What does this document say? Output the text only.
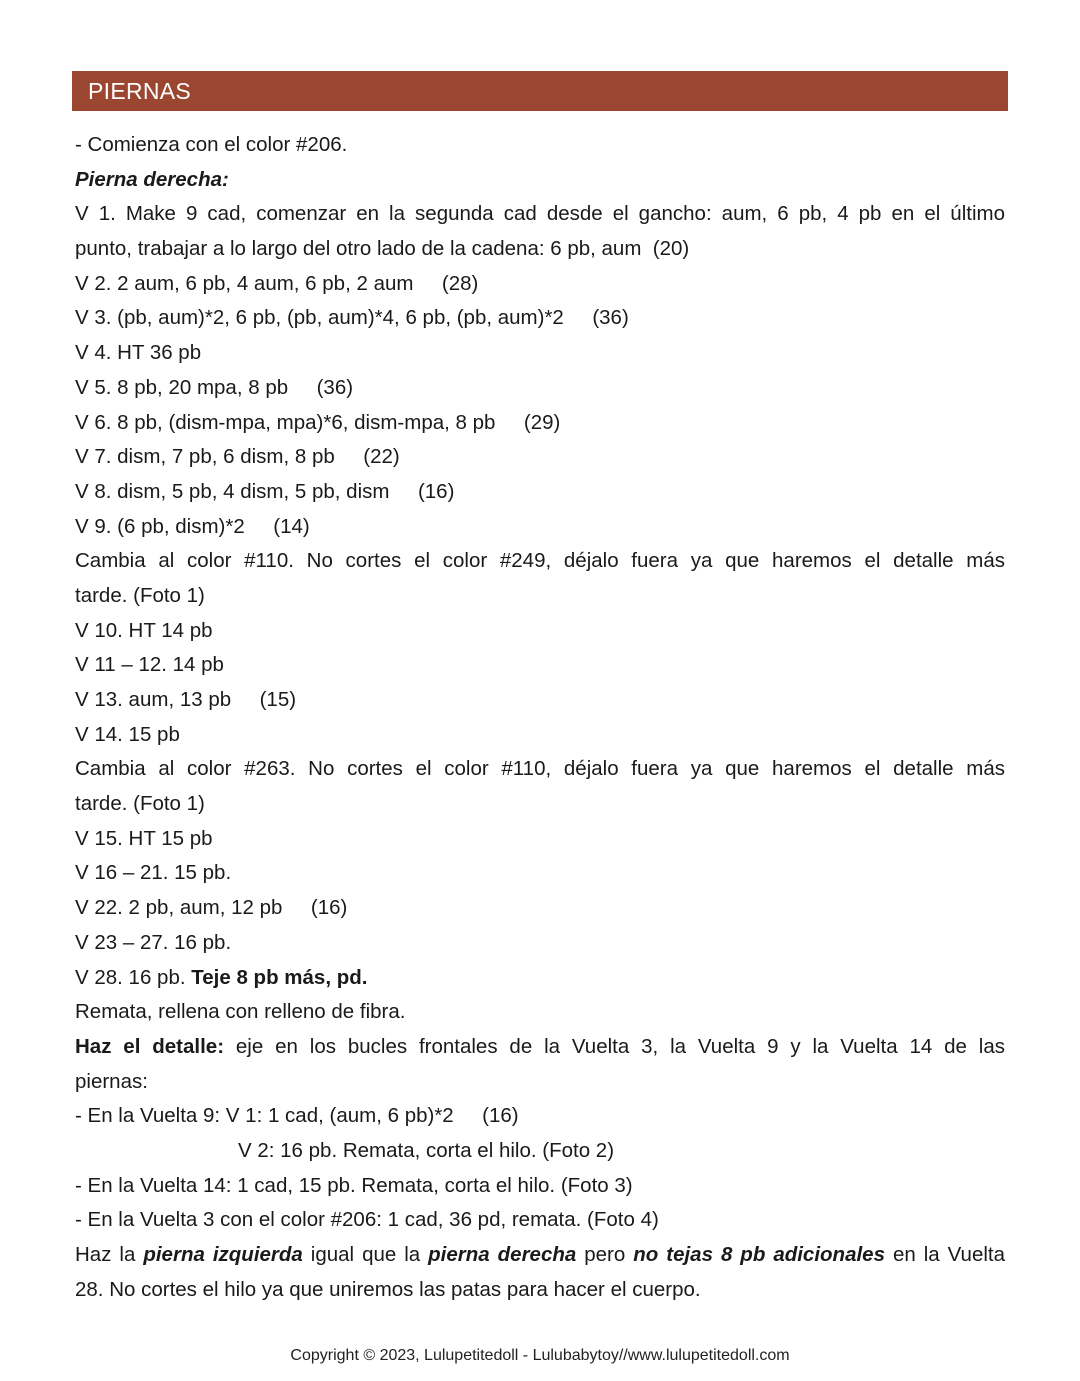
PIERNAS
- Comienza con el color #206.
Pierna derecha:
V 1. Make 9 cad, comenzar en la segunda cad desde el gancho: aum, 6 pb, 4 pb en el último
punto, trabajar a lo largo del otro lado de la cadena: 6 pb, aum  (20)
V 2. 2 aum, 6 pb, 4 aum, 6 pb, 2 aum     (28)
V 3. (pb, aum)*2, 6 pb, (pb, aum)*4, 6 pb, (pb, aum)*2     (36)
V 4. HT 36 pb
V 5. 8 pb, 20 mpa, 8 pb     (36)
V 6. 8 pb, (dism-mpa, mpa)*6, dism-mpa, 8 pb     (29)
V 7. dism, 7 pb, 6 dism, 8 pb     (22)
V 8. dism, 5 pb, 4 dism, 5 pb, dism     (16)
V 9. (6 pb, dism)*2     (14)
Cambia al color #110. No cortes el color #249, déjalo fuera ya que haremos el detalle más
tarde. (Foto 1)
V 10. HT 14 pb
V 11 – 12. 14 pb
V 13. aum, 13 pb     (15)
V 14. 15 pb
Cambia al color #263. No cortes el color #110, déjalo fuera ya que haremos el detalle más
tarde. (Foto 1)
V 15. HT 15 pb
V 16 – 21. 15 pb.
V 22. 2 pb, aum, 12 pb     (16)
V 23 – 27. 16 pb.
V 28. 16 pb. Teje 8 pb más, pd.
Remata, rellena con relleno de fibra.
Haz el detalle: eje en los bucles frontales de la Vuelta 3, la Vuelta 9 y la Vuelta 14 de las
piernas:
- En la Vuelta 9: V 1: 1 cad, (aum, 6 pb)*2     (16)
V 2: 16 pb. Remata, corta el hilo. (Foto 2)
- En la Vuelta 14: 1 cad, 15 pb. Remata, corta el hilo. (Foto 3)
- En la Vuelta 3 con el color #206: 1 cad, 36 pd, remata. (Foto 4)
Haz la pierna izquierda igual que la pierna derecha pero no tejas 8 pb adicionales en la Vuelta
28. No cortes el hilo ya que uniremos las patas para hacer el cuerpo.
Copyright © 2023, Lulupetitedoll - Lulubabytoy//www.lulupetitedoll.com
